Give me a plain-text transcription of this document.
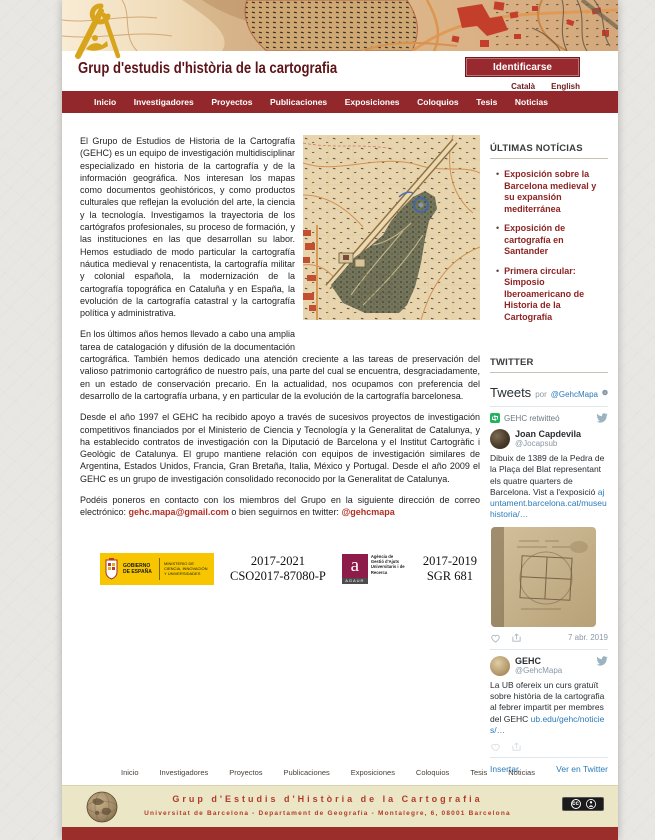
Grup d'estudis d'història de la cartografia	Identificarse
Català English
Inicio Investigadores Proyectos Publicaciones Exposiciones Coloquios Tesis Noticias

El Grupo de Estudios de Historia de la Cartografía (GEHC) es un equipo de investigación multidisciplinar especializado en historia de la cartografía y de la información geográfica. Nos interesan los mapas como documentos geohistóricos, y como productos culturales que reflejan la evolución del arte, la ciencia y la tecnología. Investigamos la trayectoria de los cartógrafos profesionales, su proceso de formación, y las instituciones en las que desarrollan su labor. Hemos estudiado de modo particular la cartografía náutica medieval y renacentista, la cartografía militar y colonial española, la modernización de la cartografía topográfica en Cataluña y en España, la evolución de la cartografía catastral y la cartografía política y administrativa.

En los últimos años hemos llevado a cabo una amplia tarea de catalogación y difusión de la documentación cartográfica. También hemos dedicado una atención creciente a las tareas de preservación del valioso patrimonio cartográfico de nuestro país, una parte del cual se encuentra, desgraciadamente, en un estado de conservación precario. En la actualidad, nos ocupamos con preferencia del desarrollo de la cartografía urbana, y en particular de la evolución de la cartografía barcelonesa.

Desde el año 1997 el GEHC ha recibido apoyo a través de sucesivos proyectos de investigación competitivos financiados por el Ministerio de Ciencia y Tecnología y la Generalitat de Catalunya, y ha establecido contratos de investigación con la Diputació de Barcelona y el Institut Cartogràfic i Geològic de Catalunya. El grupo mantiene relación con equipos de investigación similares de Argentina, Estados Unidos, Francia, Gran Bretaña, Italia, México y Portugal. Desde el año 2009 el GEHC es un grupo de investigación consolidado reconocido por la Generalitat de Catalunya.

Podéis poneros en contacto con los miembros del Grupo en la siguiente dirección de correo electrónico: gehc.mapa@gmail.com o bien seguirnos en twitter: @gehcmapa

GOBIERNO DE ESPAÑA
MINISTERIO DE CIENCIA, INNOVACIÓN Y UNIVERSIDADES
2017-2021
CSO2017-87080-P	a
AGAUR
Agència de Gestió d'Ajuts Universitaris i de Recerca
2017-2019
SGR 681
ÚLTIMAS NOTÍCIAS
• Exposición sobre la Barcelona medieval y su expansión mediterránea
• Exposición de cartografía en Santander
• Primera circular: Simposio Iberoamericano de Historia de la Cartografía
TWITTER
Tweets por @GehcMapa i
GEHC retwitteó
Joan Capdevila
@Jocapsub

Dibuix de 1389 de la Pedra de la Plaça del Blat representant els quatre quarters de Barcelona. Vist a l'exposició ajuntament.barcelona.cat/museuhistoria/…

7 abr. 2019
GEHC
@GehcMapa

La UB ofereix un curs gratuït sobre història de la cartografia al febrer impartit per membres del GEHC ub.edu/gehc/noticies/…

Insertar	Ver en Twitter
Inicio	Investigadores	Proyectos	Publicaciones	Exposiciones	Coloquios	Tesis	Noticias
Grup d'Estudis d'Història de la Cartografia
Universitat de Barcelona - Departament de Geografia - Montalegre, 6, 08001 Barcelona
cc
